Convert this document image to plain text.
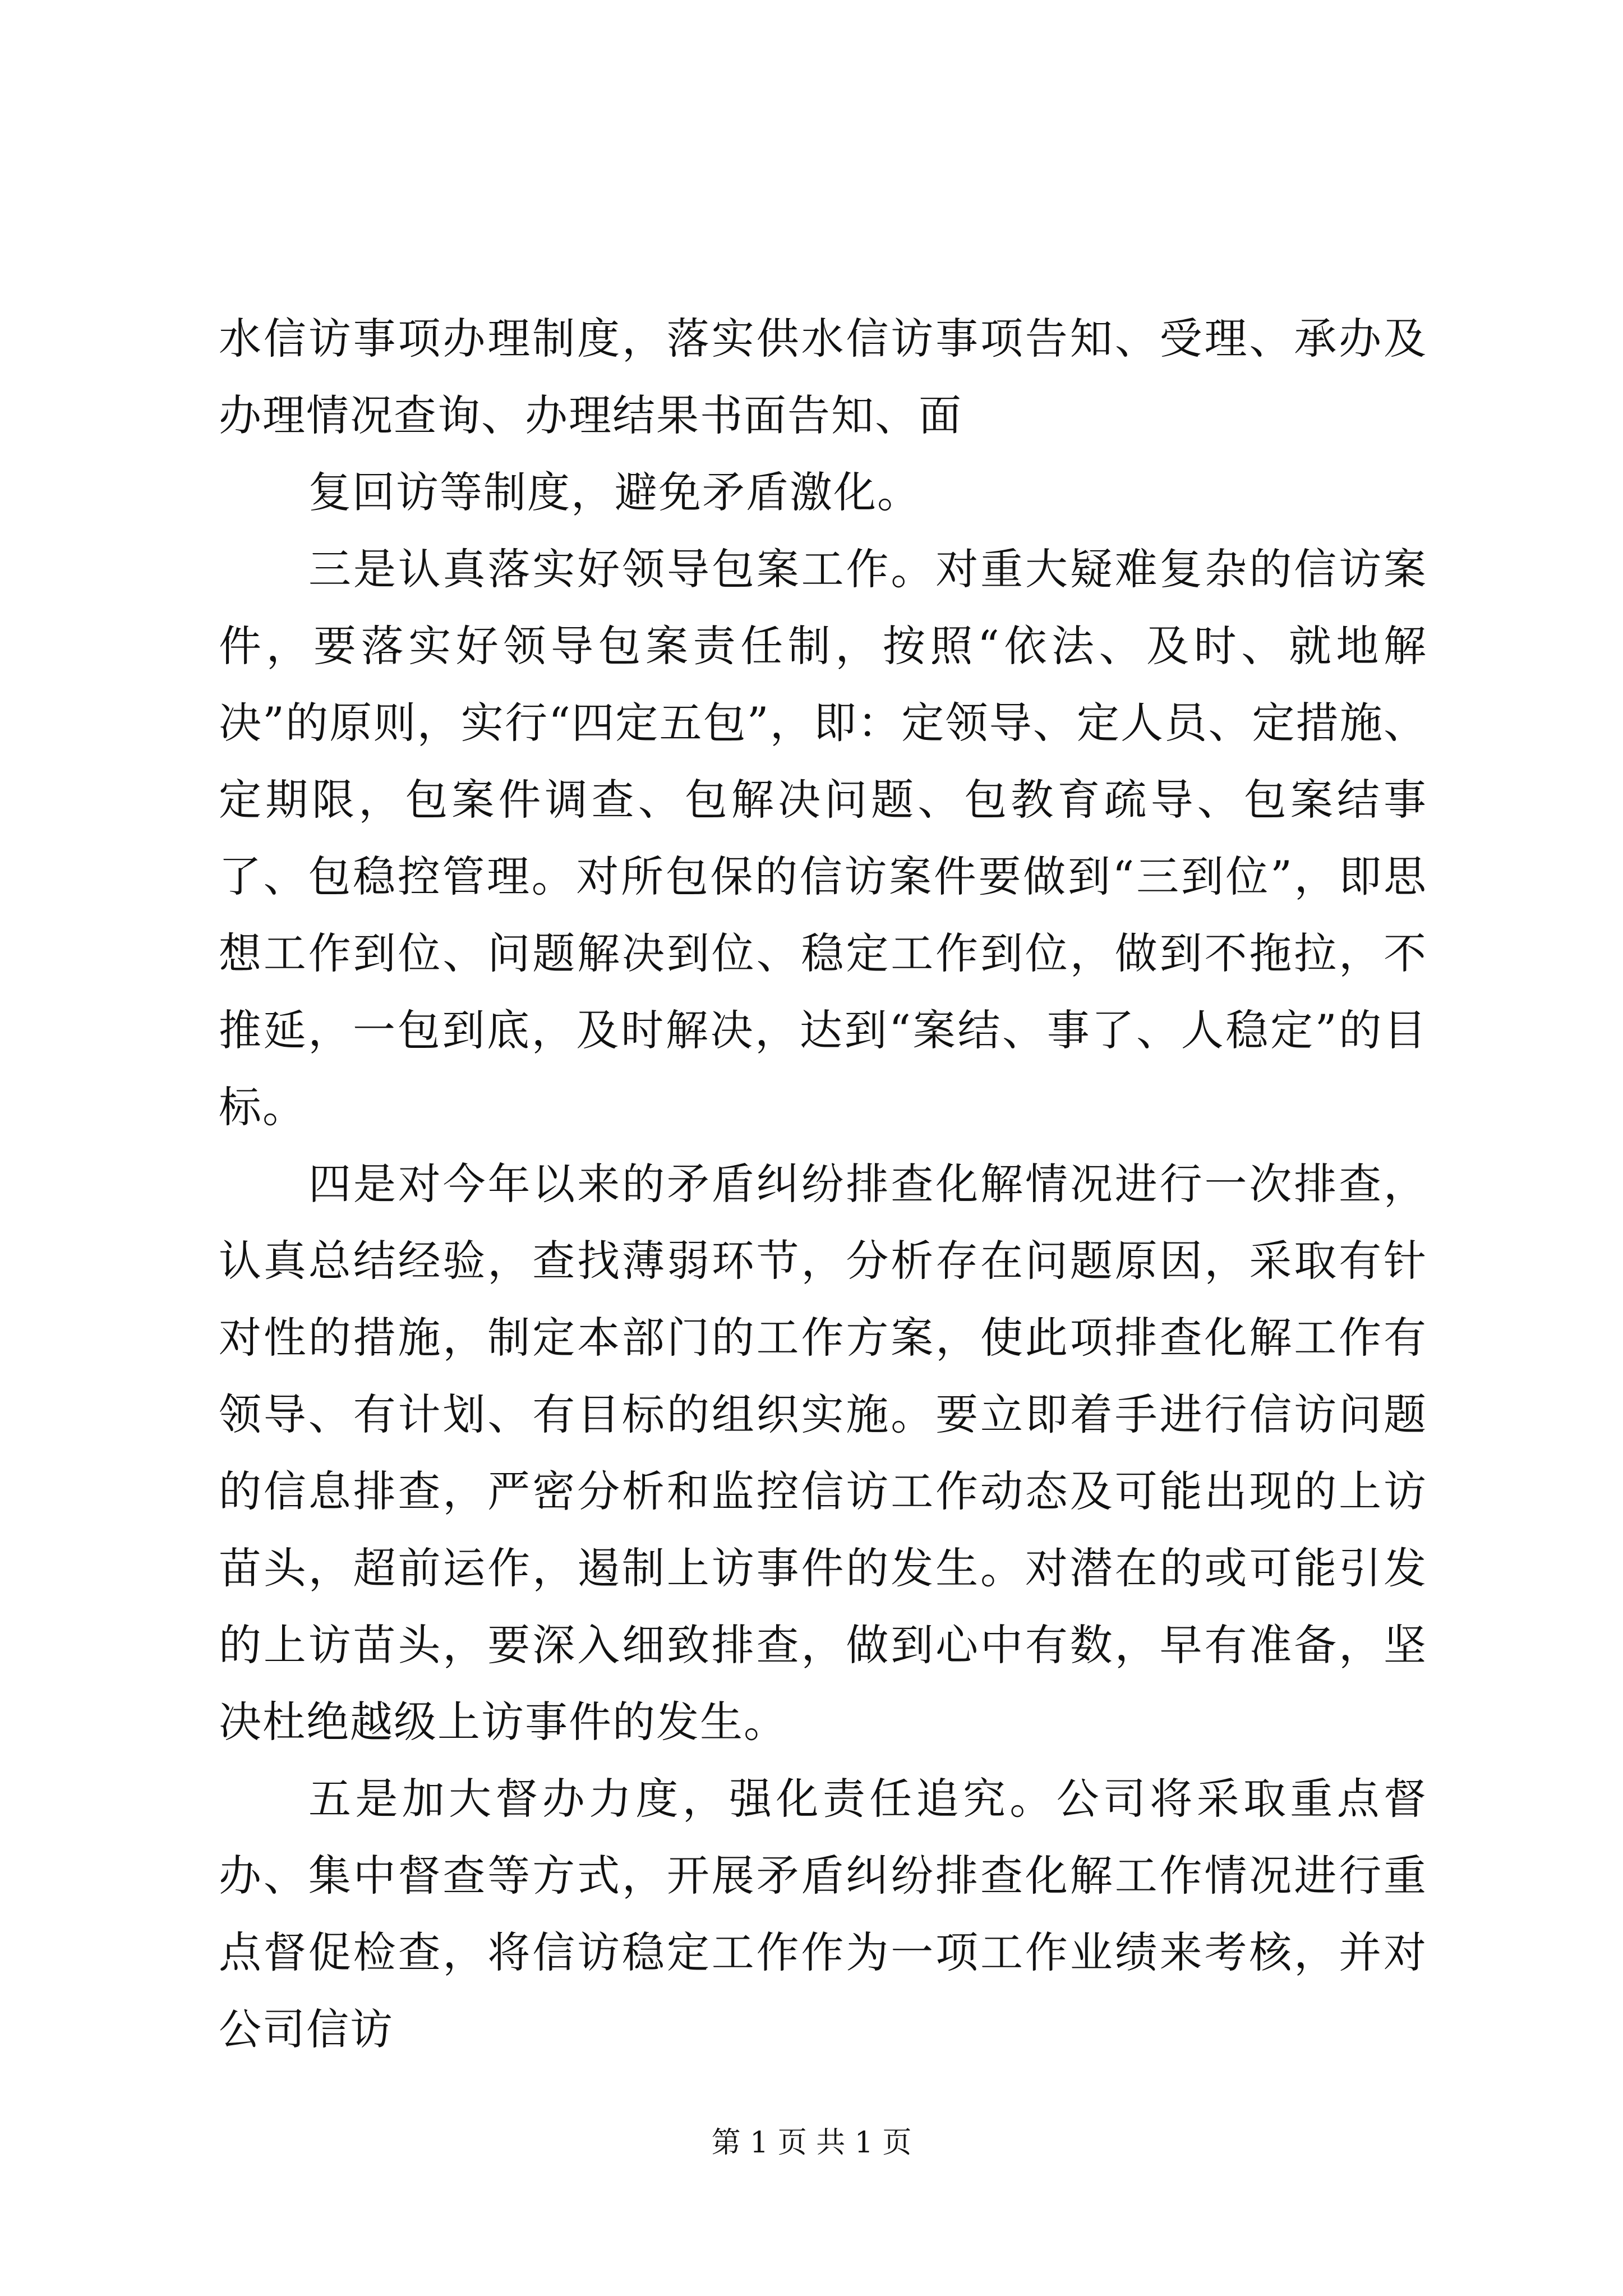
水信访事项办理制度，落实供水信访事项告知、受理、承办及办理情况查询、办理结果书面告知、面

复回访等制度，避免矛盾激化。

三是认真落实好领导包案工作。对重大疑难复杂的信访案件，要落实好领导包案责任制，按照“依法、及时、就地解决”的原则，实行“四定五包”，即：定领导、定人员、定措施、定期限，包案件调查、包解决问题、包教育疏导、包案结事了、包稳控管理。对所包保的信访案件要做到“三到位”，即思想工作到位、问题解决到位、稳定工作到位，做到不拖拉，不推延，一包到底，及时解决，达到“案结、事了、人稳定”的目标。

四是对今年以来的矛盾纠纷排查化解情况进行一次排查，认真总结经验，查找薄弱环节，分析存在问题原因，采取有针对性的措施，制定本部门的工作方案，使此项排查化解工作有领导、有计划、有目标的组织实施。要立即着手进行信访问题的信息排查，严密分析和监控信访工作动态及可能出现的上访苗头，超前运作，遏制上访事件的发生。对潜在的或可能引发的上访苗头，要深入细致排查，做到心中有数，早有准备，坚决杜绝越级上访事件的发生。

五是加大督办力度，强化责任追究。公司将采取重点督办、集中督查等方式，开展矛盾纠纷排查化解工作情况进行重点督促检查，将信访稳定工作作为一项工作业绩来考核，并对公司信访

第 1 页 共 1 页
